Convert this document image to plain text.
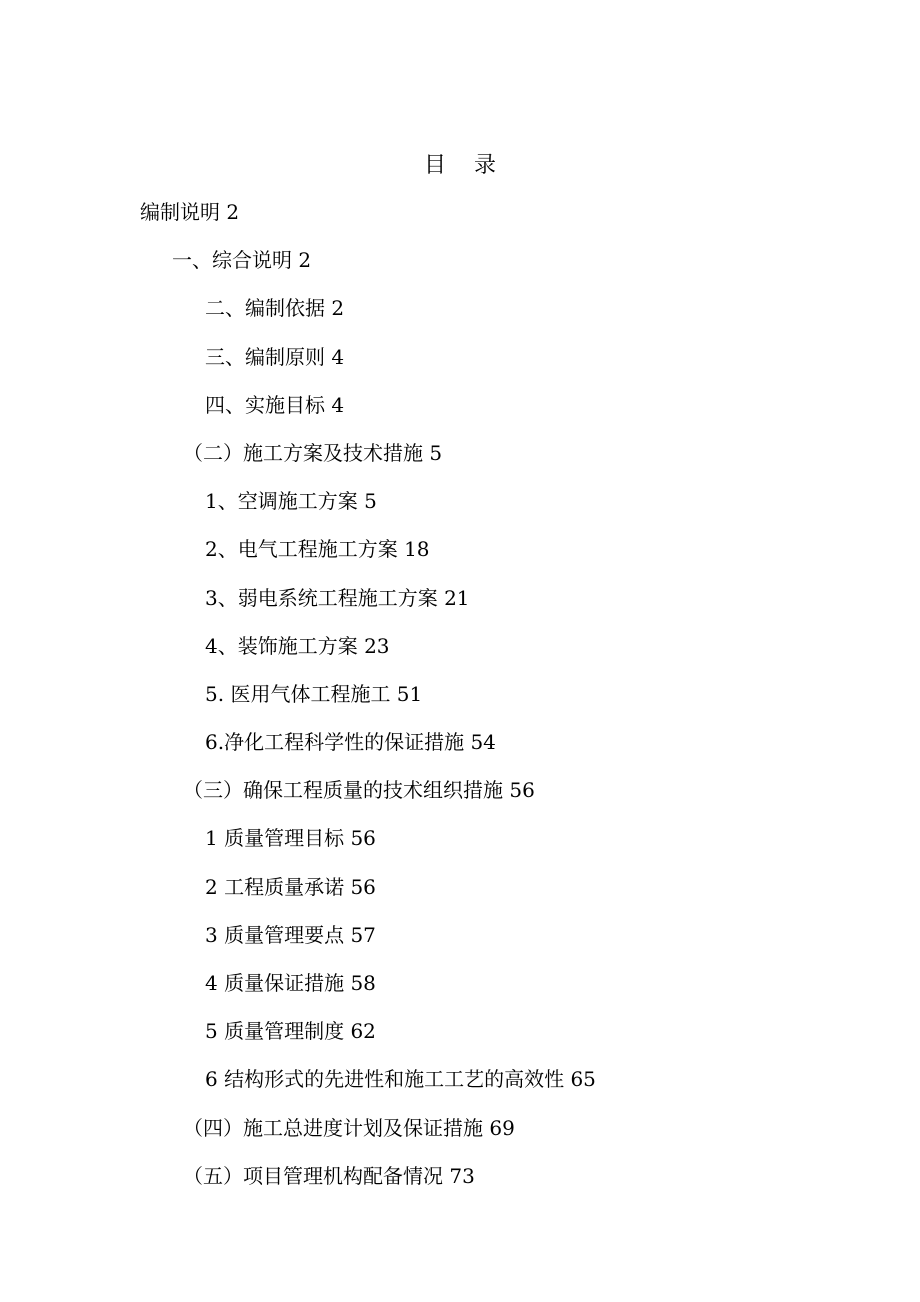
目 录
编制说明 2
一、综合说明 2
二、编制依据 2
三、编制原则 4
四、实施目标 4
（二）施工方案及技术措施 5
1、空调施工方案 5
2、电气工程施工方案 18
3、弱电系统工程施工方案 21
4、装饰施工方案 23
5. 医用气体工程施工 51
6.净化工程科学性的保证措施 54
（三）确保工程质量的技术组织措施 56
1 质量管理目标 56
2 工程质量承诺 56
3 质量管理要点 57
4 质量保证措施 58
5 质量管理制度 62
6 结构形式的先进性和施工工艺的高效性 65
（四）施工总进度计划及保证措施 69
（五）项目管理机构配备情况 73
